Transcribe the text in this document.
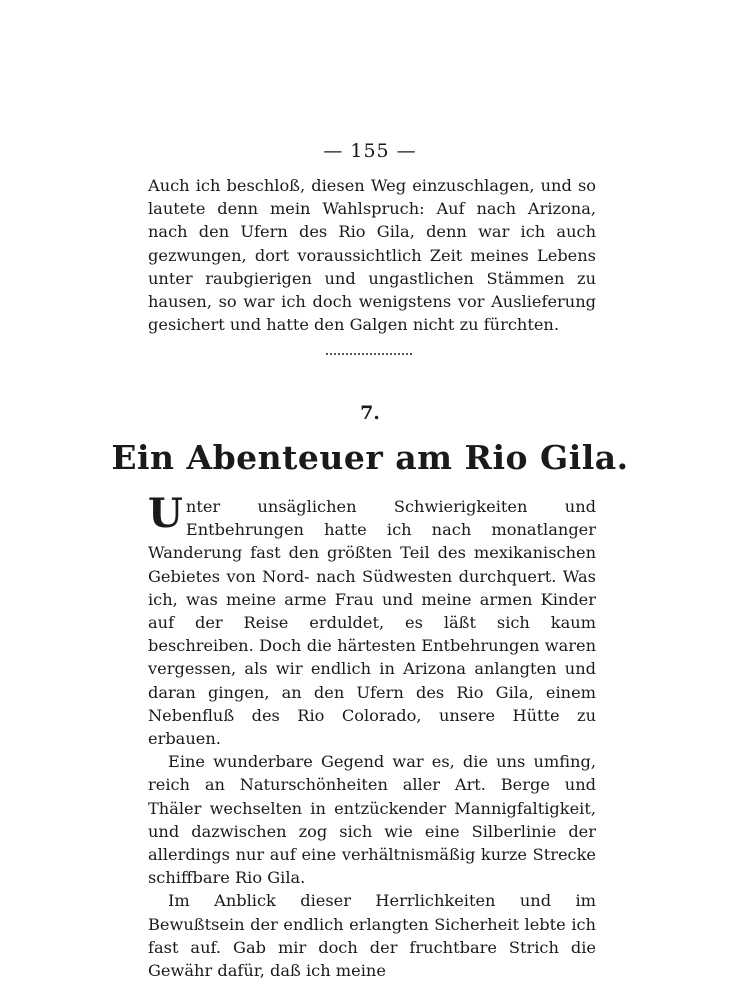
— 155 —

Auch ich beschloß, diesen Weg einzuschlagen, und so lautete denn mein Wahlspruch: Auf nach Arizona, nach den Ufern des Rio Gila, denn war ich auch gezwungen, dort voraussichtlich Zeit meines Lebens unter raubgierigen und ungastlichen Stämmen zu hausen, so war ich doch wenigstens vor Auslieferung gesichert und hatte den Galgen nicht zu fürchten.

7.
Ein Abenteuer am Rio Gila.

Unter unsäglichen Schwierigkeiten und Entbehrungen hatte ich nach monatlanger Wanderung fast den größten Teil des mexikanischen Gebietes von Nord- nach Südwesten durchquert. Was ich, was meine arme Frau und meine armen Kinder auf der Reise erduldet, es läßt sich kaum beschreiben. Doch die härtesten Entbehrungen waren vergessen, als wir endlich in Arizona anlangten und daran gingen, an den Ufern des Rio Gila, einem Nebenfluß des Rio Colorado, unsere Hütte zu erbauen.

Eine wunderbare Gegend war es, die uns umfing, reich an Naturschönheiten aller Art. Berge und Thäler wechselten in entzückender Mannigfaltigkeit, und dazwischen zog sich wie eine Silberlinie der allerdings nur auf eine verhältnismäßig kurze Strecke schiffbare Rio Gila.

Im Anblick dieser Herrlichkeiten und im Bewußtsein der endlich erlangten Sicherheit lebte ich fast auf. Gab mir doch der fruchtbare Strich die Gewähr dafür, daß ich meine
